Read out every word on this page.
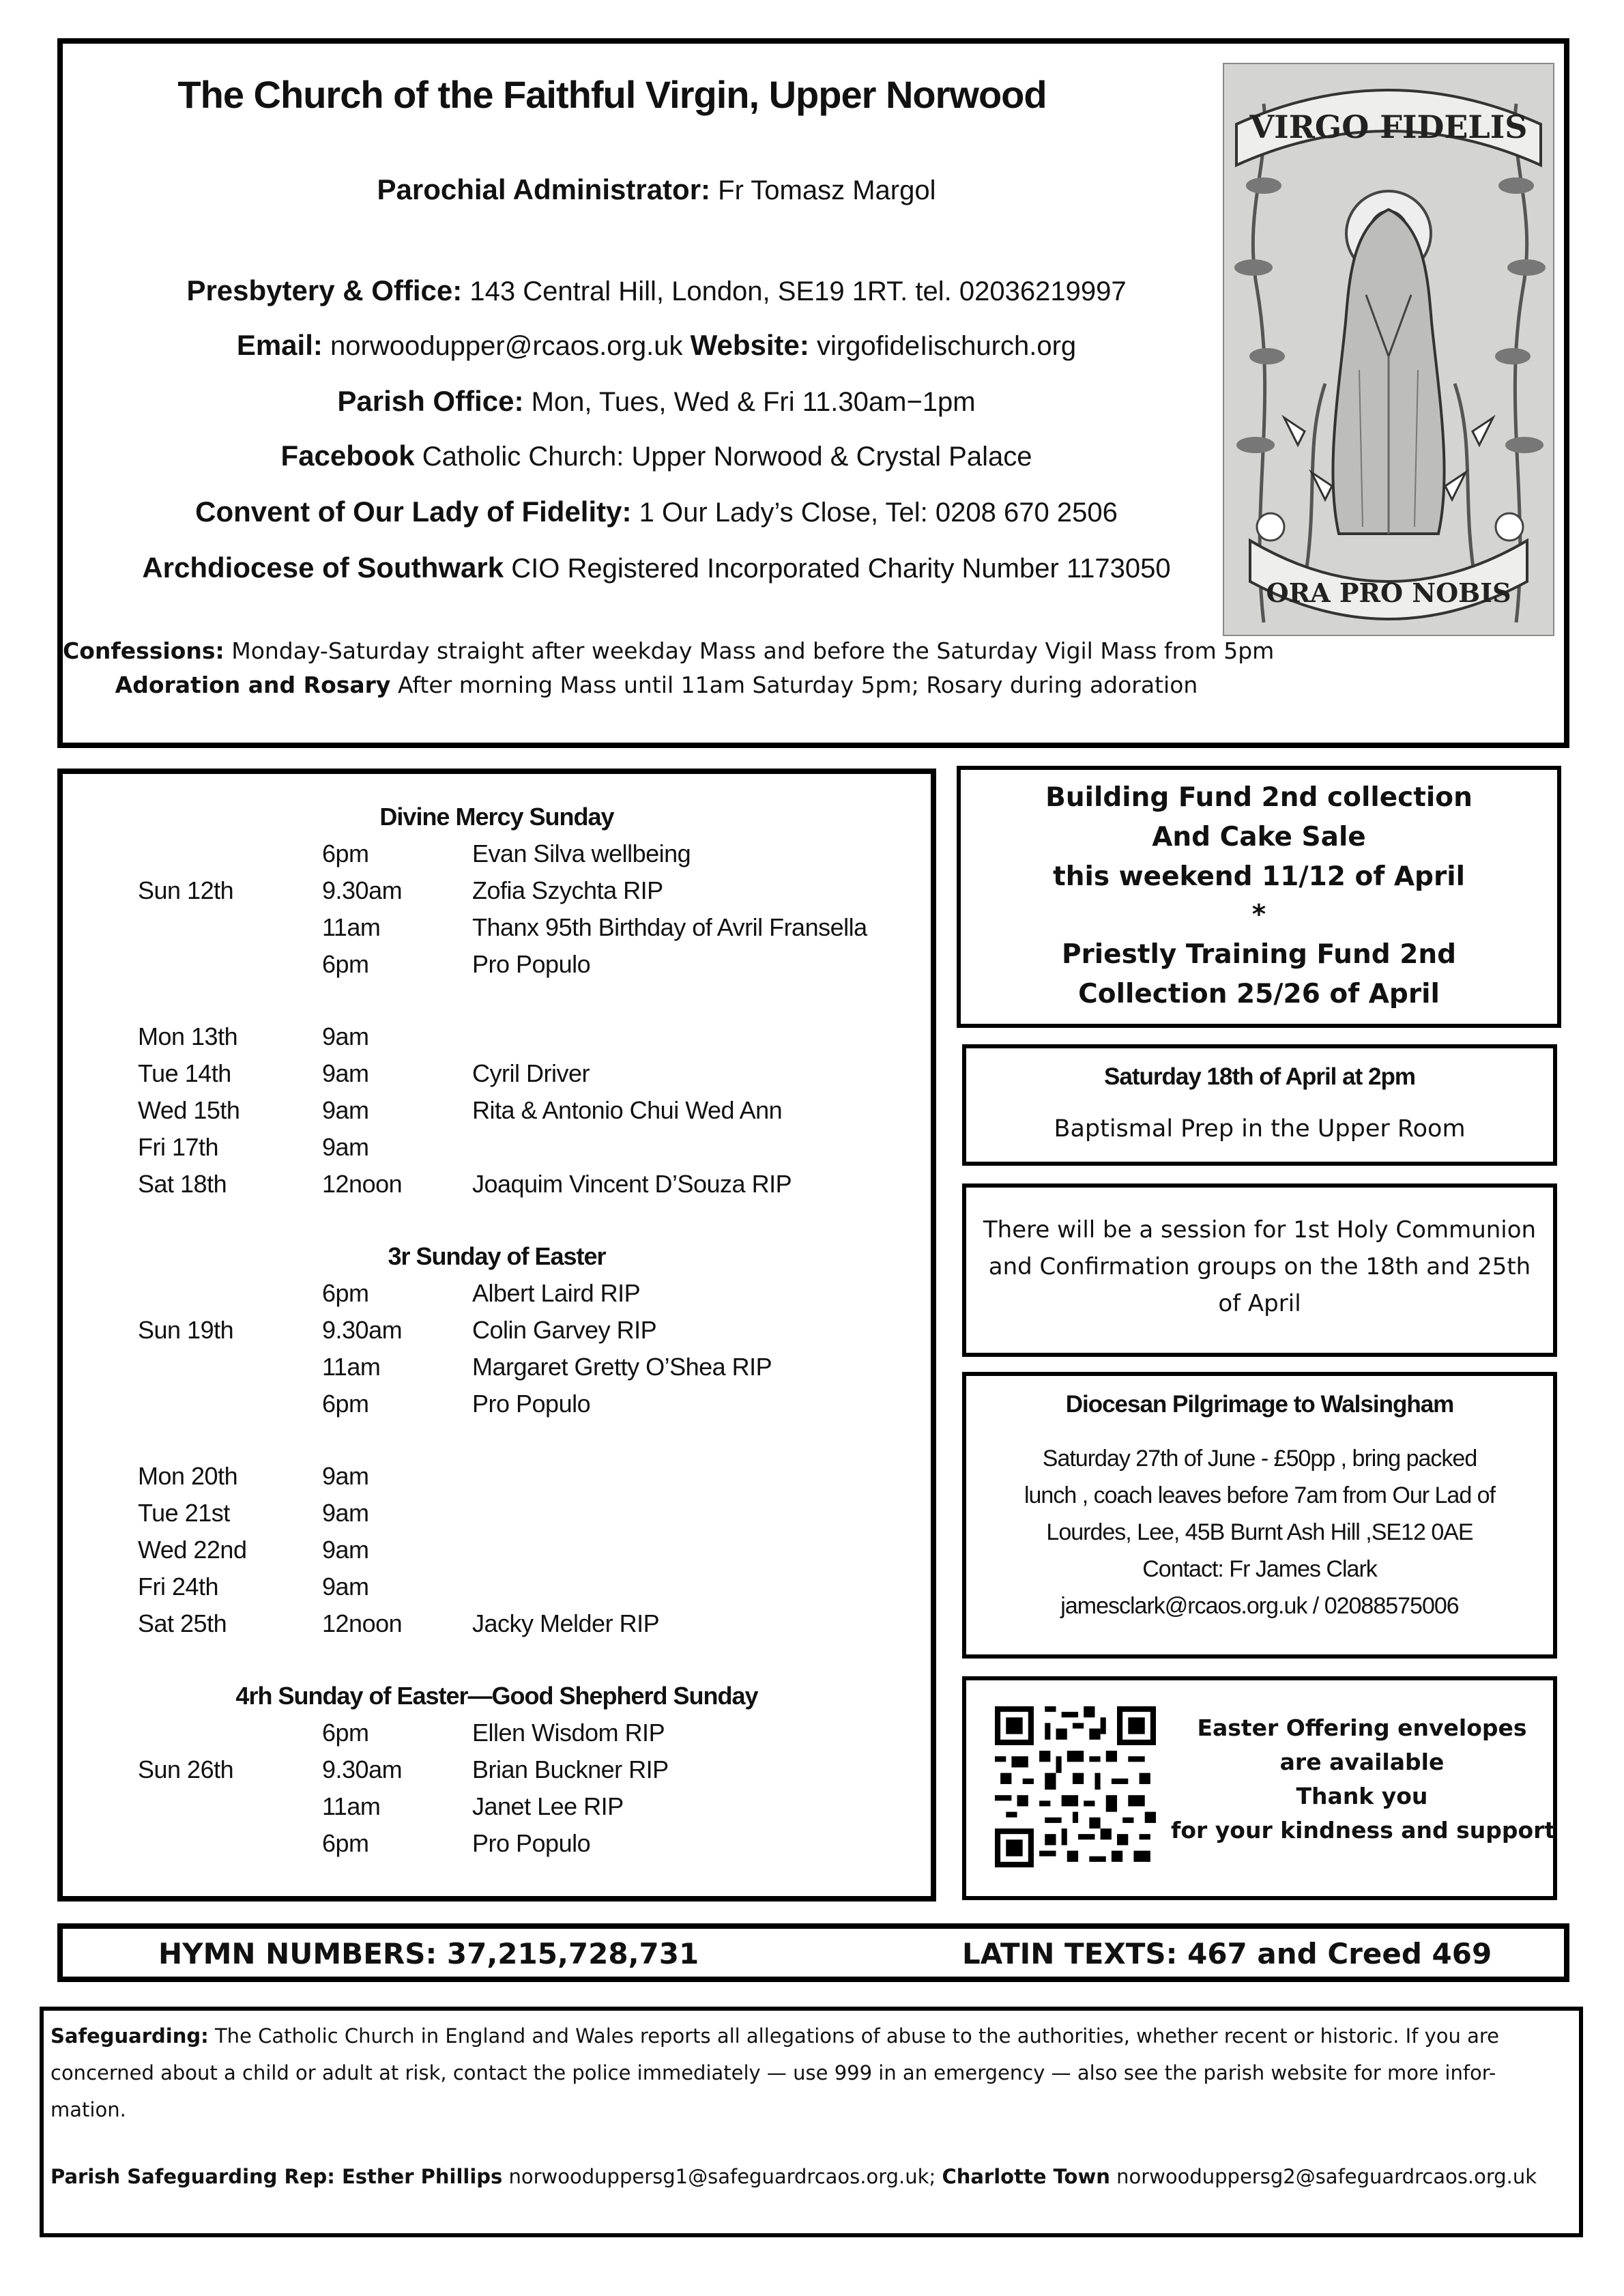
The Church of the Faithful Virgin, Upper Norwood
Parochial Administrator: Fr Tomasz Margol
Presbytery & Office: 143 Central Hill, London, SE19 1RT. tel. 02036219997
Email: norwoodupper@rcaos.org.uk Website: virgofideIischurch.org
Parish Office: Mon, Tues, Wed & Fri 11.30am−1pm
Facebook Catholic Church: Upper Norwood & Crystal Palace
Convent of Our Lady of Fidelity: 1 Our Lady’s Close, Tel: 0208 670 2506
Archdiocese of Southwark CIO Registered Incorporated Charity Number 1173050
Confessions: Monday-Saturday straight after weekday Mass and before the Saturday Vigil Mass from 5pm
Adoration and Rosary After morning Mass until 11am Saturday 5pm; Rosary during adoration
VIRGO FIDELIS
ORA PRO NOBIS
Divine Mercy Sunday
6pm	Evan Silva wellbeing
Sun 12th	9.30am	Zofia Szychta RIP
11am	Thanx 95th Birthday of Avril Fransella
6pm	Pro Populo
Mon 13th	9am
Tue 14th	9am	Cyril Driver
Wed 15th	9am	Rita & Antonio Chui Wed Ann
Fri 17th	9am
Sat 18th	12noon	Joaquim Vincent D’Souza RIP
3r Sunday of Easter
6pm	Albert Laird RIP
Sun 19th	9.30am	Colin Garvey RIP
11am	Margaret Gretty O’Shea RIP
6pm	Pro Populo
Mon 20th	9am
Tue 21st	9am
Wed 22nd	9am
Fri 24th	9am
Sat 25th	12noon	Jacky Melder RIP
4rh Sunday of Easter—Good Shepherd Sunday
6pm	Ellen Wisdom RIP
Sun 26th	9.30am	Brian Buckner RIP
11am	Janet Lee RIP
6pm	Pro Populo
Building Fund 2nd collection
And Cake Sale
this weekend 11/12 of April
*
Priestly Training Fund 2nd
Collection 25/26 of April
Saturday 18th of April at 2pm
Baptismal Prep in the Upper Room
There will be a session for 1st Holy Communion
and Confirmation groups on the 18th and 25th
of April
Diocesan Pilgrimage to Walsingham
Saturday 27th of June - £50pp , bring packed
lunch , coach leaves before 7am from Our Lad of
Lourdes, Lee, 45B Burnt Ash Hill ,SE12 0AE
Contact: Fr James Clark
jamesclark@rcaos.org.uk / 02088575006
Easter Offering envelopes
are available
Thank you
for your kindness and support
HYMN NUMBERS: 37,215,728,731	LATIN TEXTS: 467 and Creed 469
Safeguarding: The Catholic Church in England and Wales reports all allegations of abuse to the authorities, whether recent or historic. If you are
concerned about a child or adult at risk, contact the police immediately — use 999 in an emergency — also see the parish website for more infor-
mation.
Parish Safeguarding Rep: Esther Phillips norwooduppersg1@safeguardrcaos.org.uk; Charlotte Town norwooduppersg2@safeguardrcaos.org.uk
